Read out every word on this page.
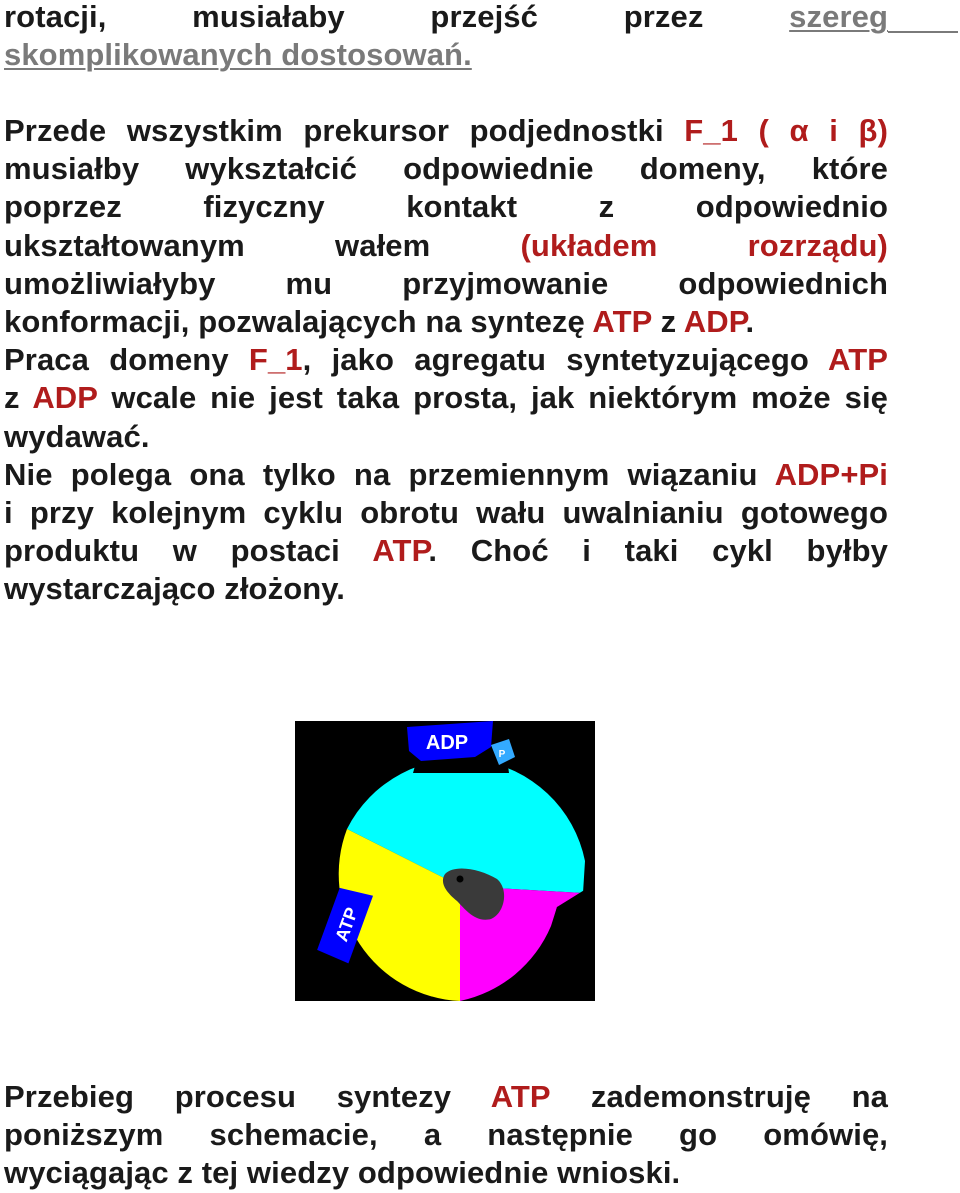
rotacji,	musiałaby	przejść	przez	szereg
skomplikowanych dostosowań.
Przede wszystkim prekursor podjednostki F_1 ( α i β)
musiałby wykształcić odpowiednie domeny, które
poprzez fizyczny kontakt z odpowiednio
ukształtowanym wałem	(układem rozrządu)
umożliwiałyby mu przyjmowanie odpowiednich
konformacji, pozwalających na syntezę ATP z ADP.
Praca domeny F_1, jako agregatu syntetyzującego ATP
z ADP wcale nie jest taka prosta, jak niektórym może się
wydawać.
Nie polega ona tylko na przemiennym wiązaniu ADP+Pi
i przy kolejnym cyklu obrotu wału uwalnianiu gotowego
produktu w postaci ATP. Choć i taki cykl byłby
wystarczająco złożony.
Przebieg procesu syntezy ATP zademonstruję na
poniższym schemacie, a następnie go omówię,
wyciągając z tej wiedzy odpowiednie wnioski.
ADP
P
ATP
